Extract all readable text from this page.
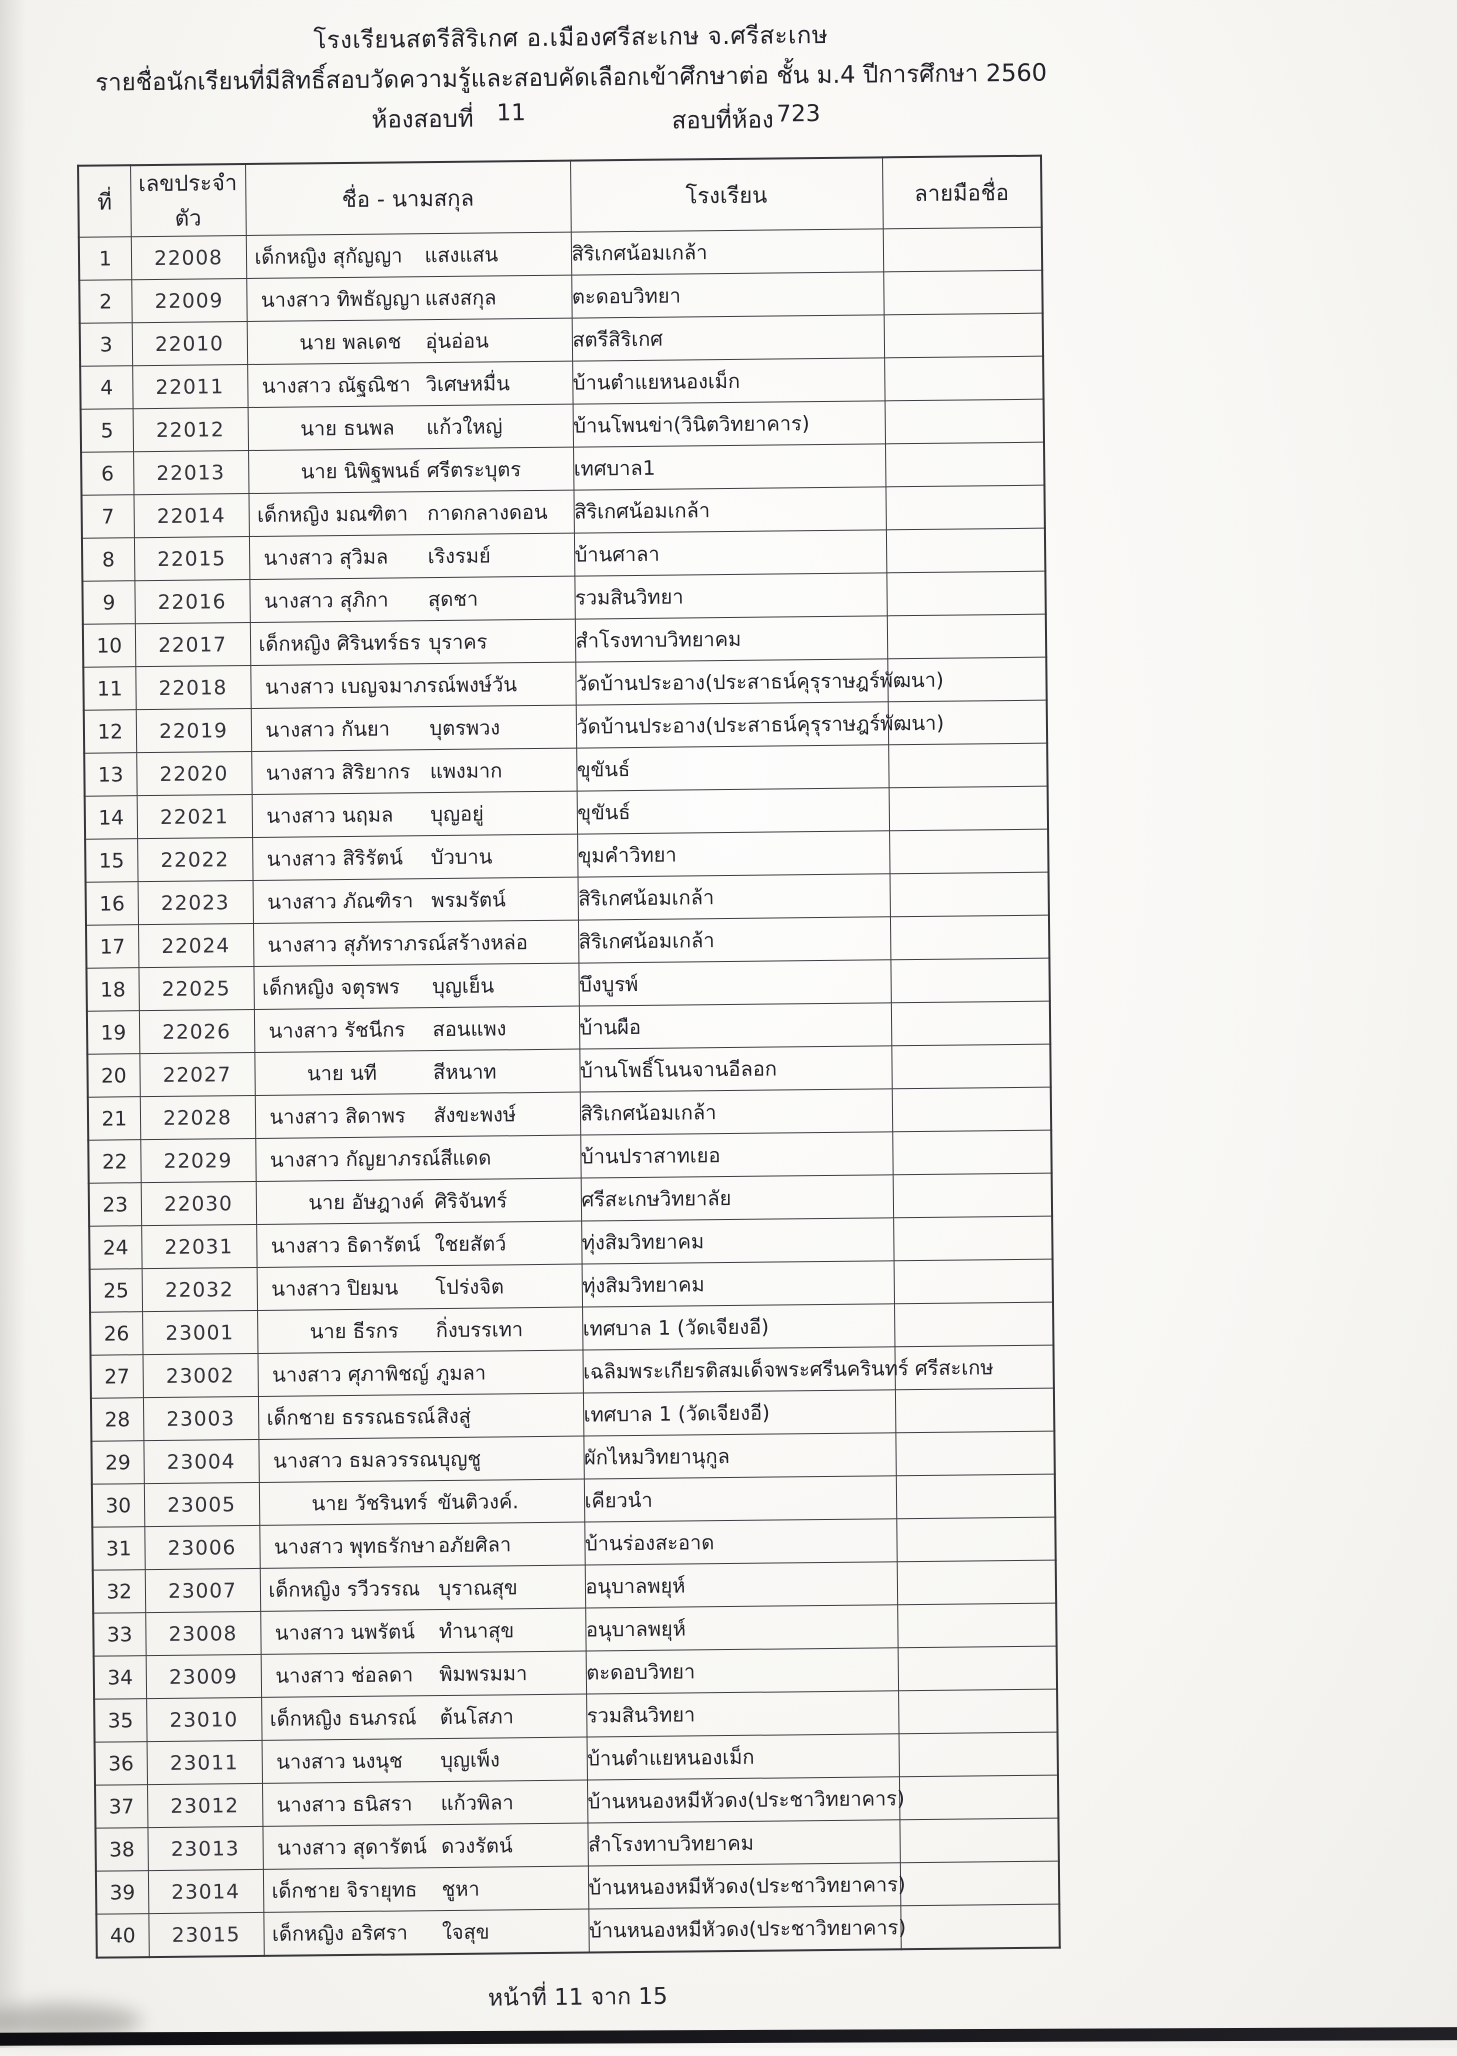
โรงเรียนสตรีสิริเกศ อ.เมืองศรีสะเกษ จ.ศรีสะเกษ
รายชื่อนักเรียนที่มีสิทธิ์สอบวัดความรู้และสอบคัดเลือกเข้าศึกษาต่อ ชั้น ม.4 ปีการศึกษา 2560
ห้องสอบที่ 11	สอบที่ห้อง 723
ที่	เลขประจำตัว	ชื่อ - นามสกุล	โรงเรียน	ลายมือชื่อ
1	22008	เด็กหญิง สุกัญญา แสงแสน	สิริเกศน้อมเกล้า	
2	22009	นางสาว ทิพธัญญา แสงสกุล	ตะดอบวิทยา	
3	22010	นาย พลเดช อุ่นอ่อน	สตรีสิริเกศ	
4	22011	นางสาว ณัฐณิชา วิเศษหมื่น	บ้านตำแยหนองเม็ก	
5	22012	นาย ธนพล แก้วใหญ่	บ้านโพนข่า(วินิตวิทยาคาร)	
6	22013	นาย นิพิฐพนธ์ ศรีตระบุตร	เทศบาล1	
7	22014	เด็กหญิง มณฑิตา กาดกลางดอน	สิริเกศน้อมเกล้า	
8	22015	นางสาว สุวิมล เริงรมย์	บ้านศาลา	
9	22016	นางสาว สุภิกา สุดชา	รวมสินวิทยา	
10	22017	เด็กหญิง ศิรินทร์ธร บุราคร	สำโรงทาบวิทยาคม	
11	22018	นางสาว เบญจมาภรณ์ พงษ์วัน	วัดบ้านประอาง(ประสาธน์คุรุราษฎร์พัฒนา)	
12	22019	นางสาว กันยา บุตรพวง	วัดบ้านประอาง(ประสาธน์คุรุราษฎร์พัฒนา)	
13	22020	นางสาว สิริยากร แพงมาก	ขุขันธ์	
14	22021	นางสาว นฤมล บุญอยู่	ขุขันธ์	
15	22022	นางสาว สิริรัตน์ บัวบาน	ขุมคำวิทยา	
16	22023	นางสาว ภัณฑิรา พรมรัตน์	สิริเกศน้อมเกล้า	
17	22024	นางสาว สุภัทราภรณ์ สร้างหล่อ	สิริเกศน้อมเกล้า	
18	22025	เด็กหญิง จตุรพร บุญเย็น	บึงบูรพ์	
19	22026	นางสาว รัชนีกร สอนแพง	บ้านผือ	
20	22027	นาย นที สีหนาท	บ้านโพธิ์โนนจานอีลอก	
21	22028	นางสาว สิดาพร สังขะพงษ์	สิริเกศน้อมเกล้า	
22	22029	นางสาว กัญยาภรณ์ สีแดด	บ้านปราสาทเยอ	
23	22030	นาย อัษฎางค์ ศิริจันทร์	ศรีสะเกษวิทยาลัย	
24	22031	นางสาว ธิดารัตน์ ใชยสัตว์	ทุ่งสิมวิทยาคม	
25	22032	นางสาว ปิยมน โปร่งจิต	ทุ่งสิมวิทยาคม	
26	23001	นาย ธีรกร กิ่งบรรเทา	เทศบาล 1 (วัดเจียงอี)	
27	23002	นางสาว ศุภาพิชญ์ ภูมลา	เฉลิมพระเกียรติสมเด็จพระศรีนครินทร์ ศรีสะเกษ	
28	23003	เด็กชาย ธรรณธรณ์ สิงสู่	เทศบาล 1 (วัดเจียงอี)	
29	23004	นางสาว ธมลวรรณ บุญชู	ผักไหมวิทยานุกูล	
30	23005	นาย วัชรินทร์ ขันติวงค์.	เคียวนำ	
31	23006	นางสาว พุทธรักษา อภัยศิลา	บ้านร่องสะอาด	
32	23007	เด็กหญิง รวีวรรณ บุราณสุข	อนุบาลพยุห์	
33	23008	นางสาว นพรัตน์ ทำนาสุข	อนุบาลพยุห์	
34	23009	นางสาว ช่อลดา พิมพรมมา	ตะดอบวิทยา	
35	23010	เด็กหญิง ธนภรณ์ ต้นโสภา	รวมสินวิทยา	
36	23011	นางสาว นงนุช บุญเพ็ง	บ้านตำแยหนองเม็ก	
37	23012	นางสาว ธนิสรา แก้วพิลา	บ้านหนองหมีหัวดง(ประชาวิทยาคาร)	
38	23013	นางสาว สุดารัตน์ ดวงรัตน์	สำโรงทาบวิทยาคม	
39	23014	เด็กชาย จิรายุทธ ชูหา	บ้านหนองหมีหัวดง(ประชาวิทยาคาร)	
40	23015	เด็กหญิง อริศรา ใจสุข	บ้านหนองหมีหัวดง(ประชาวิทยาคาร)	
หน้าที่ 11 จาก 15
